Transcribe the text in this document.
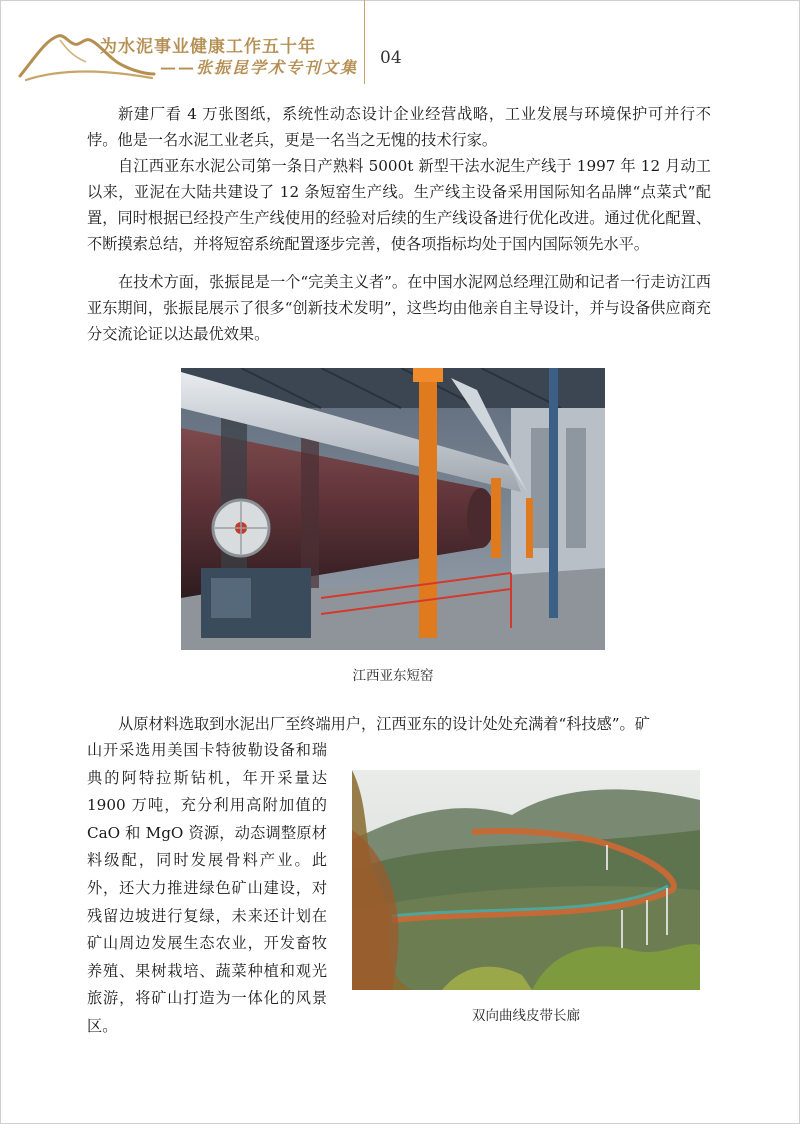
为水泥事业健康工作五十年
——张振昆学术专刊文集 04

新建厂看 4 万张图纸，系统性动态设计企业经营战略，工业发展与环境保护可并行不悖。他是一名水泥工业老兵，更是一名当之无愧的技术行家。

自江西亚东水泥公司第一条日产熟料 5000t 新型干法水泥生产线于 1997 年 12 月动工以来，亚泥在大陆共建设了 12 条短窑生产线。生产线主设备采用国际知名品牌“点菜式”配置，同时根据已经投产生产线使用的经验对后续的生产线设备进行优化改进。通过优化配置、不断摸索总结，并将短窑系统配置逐步完善，使各项指标均处于国内国际领先水平。

在技术方面，张振昆是一个“完美主义者”。在中国水泥网总经理江勋和记者一行走访江西亚东期间，张振昆展示了很多“创新技术发明”，这些均由他亲自主导设计，并与设备供应商充分交流论证以达最优效果。

江西亚东短窑

从原材料选取到水泥出厂至终端用户，江西亚东的设计处处充满着“科技感”。矿

山开采选用美国卡特彼勒设备和瑞典的阿特拉斯钻机，年开采量达 1900 万吨，充分利用高附加值的 CaO 和 MgO 资源，动态调整原材料级配，同时发展骨料产业。此外，还大力推进绿色矿山建设，对残留边坡进行复绿，未来还计划在矿山周边发展生态农业，开发畜牧养殖、果树栽培、蔬菜种植和观光旅游，将矿山打造为一体化的风景区。

双向曲线皮带长廊
